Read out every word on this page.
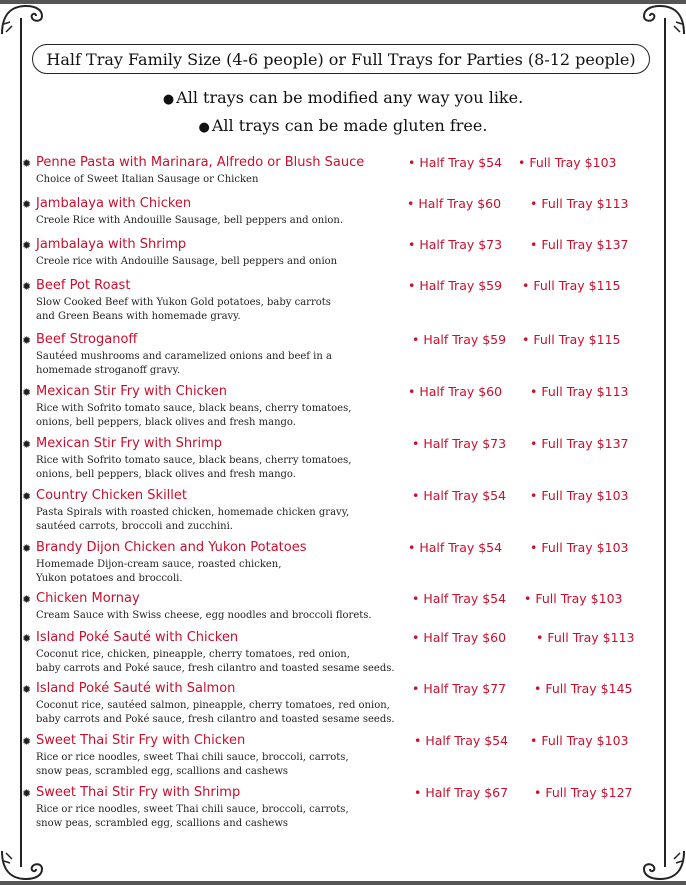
Half Tray Family Size (4-6 people) or Full Trays for Parties (8-12 people)
● All trays can be modified any way you like.
● All trays can be made gluten free.
✹ Penne Pasta with Marinara, Alfredo or Blush Sauce
Choice of Sweet Italian Sausage or Chicken
• Half Tray $54 • Full Tray $103
✹ Jambalaya with Chicken
Creole Rice with Andouille Sausage, bell peppers and onion.
• Half Tray $60 • Full Tray $113
✹ Jambalaya with Shrimp
Creole rice with Andouille Sausage, bell peppers and onion
• Half Tray $73 • Full Tray $137
✹ Beef Pot Roast
Slow Cooked Beef with Yukon Gold potatoes, baby carrots
and Green Beans with homemade gravy.
• Half Tray $59 • Full Tray $115
✹ Beef Stroganoff
Sautéed mushrooms and caramelized onions and beef in a
homemade stroganoff gravy.
• Half Tray $59 • Full Tray $115
✹ Mexican Stir Fry with Chicken
Rice with Sofrito tomato sauce, black beans, cherry tomatoes,
onions, bell peppers, black olives and fresh mango.
• Half Tray $60 • Full Tray $113
✹ Mexican Stir Fry with Shrimp
Rice with Sofrito tomato sauce, black beans, cherry tomatoes,
onions, bell peppers, black olives and fresh mango.
• Half Tray $73 • Full Tray $137
✹ Country Chicken Skillet
Pasta Spirals with roasted chicken, homemade chicken gravy,
sautéed carrots, broccoli and zucchini.
• Half Tray $54 • Full Tray $103
✹ Brandy Dijon Chicken and Yukon Potatoes
Homemade Dijon-cream sauce, roasted chicken,
Yukon potatoes and broccoli.
• Half Tray $54 • Full Tray $103
✹ Chicken Mornay
Cream Sauce with Swiss cheese, egg noodles and broccoli florets.
• Half Tray $54 • Full Tray $103
✹ Island Poké Sauté with Chicken
Coconut rice, chicken, pineapple, cherry tomatoes, red onion,
baby carrots and Poké sauce, fresh cilantro and toasted sesame seeds.
• Half Tray $60 • Full Tray $113
✹ Island Poké Sauté with Salmon
Coconut rice, sautéed salmon, pineapple, cherry tomatoes, red onion,
baby carrots and Poké sauce, fresh cilantro and toasted sesame seeds.
• Half Tray $77 • Full Tray $145
✹ Sweet Thai Stir Fry with Chicken
Rice or rice noodles, sweet Thai chili sauce, broccoli, carrots,
snow peas, scrambled egg, scallions and cashews
• Half Tray $54 • Full Tray $103
✹ Sweet Thai Stir Fry with Shrimp
Rice or rice noodles, sweet Thai chili sauce, broccoli, carrots,
snow peas, scrambled egg, scallions and cashews
• Half Tray $67 • Full Tray $127
